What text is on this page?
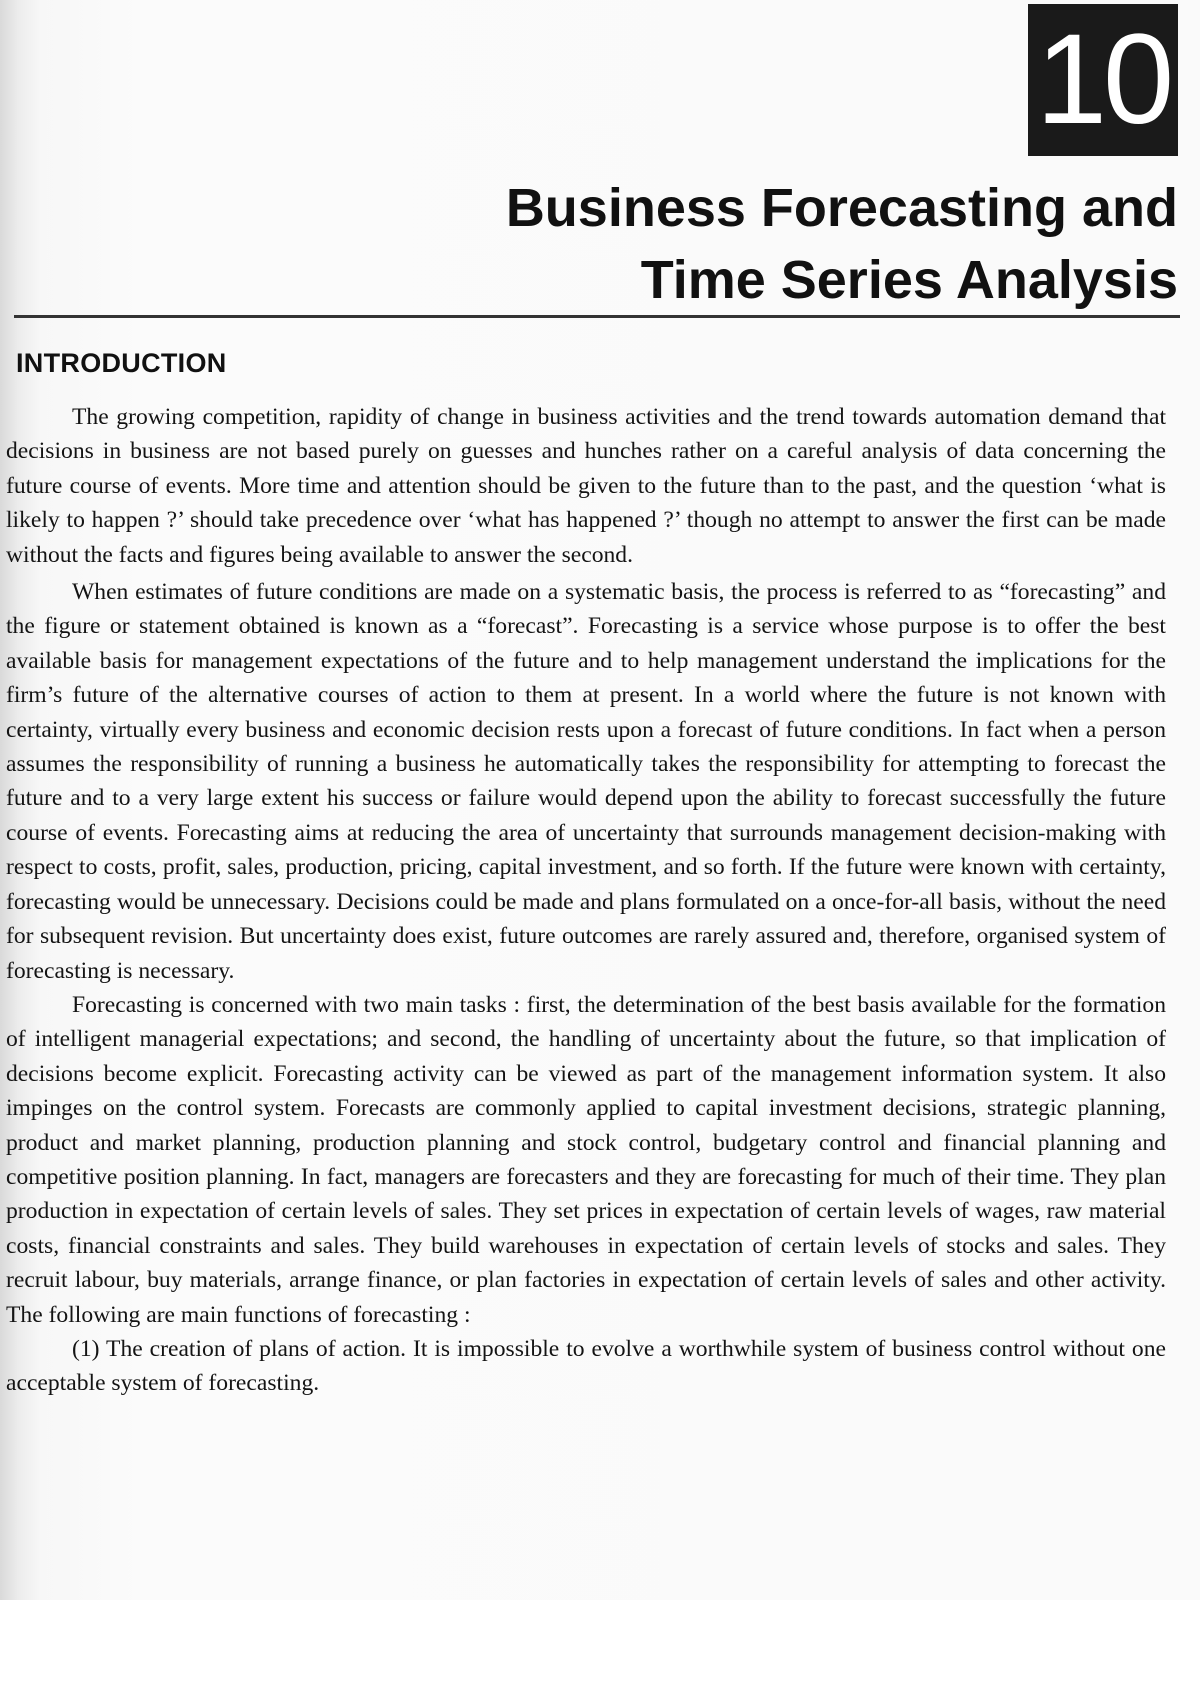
10
Business Forecasting and
Time Series Analysis
INTRODUCTION

The growing competition, rapidity of change in business activities and the trend towards automation demand that decisions in business are not based purely on guesses and hunches rather on a careful analysis of data concerning the future course of events. More time and attention should be given to the future than to the past, and the question ‘what is likely to happen ?’ should take precedence over ‘what has happened ?’ though no attempt to answer the first can be made without the facts and figures being available to answer the second.

When estimates of future conditions are made on a systematic basis, the process is referred to as “forecasting” and the figure or statement obtained is known as a “forecast”. Forecasting is a service whose purpose is to offer the best available basis for management expectations of the future and to help management understand the implications for the firm’s future of the alternative courses of action to them at present. In a world where the future is not known with certainty, virtually every business and economic decision rests upon a forecast of future conditions. In fact when a person assumes the responsibility of running a business he automatically takes the responsibility for attempting to forecast the future and to a very large extent his success or failure would depend upon the ability to forecast successfully the future course of events. Forecasting aims at reducing the area of uncertainty that surrounds management decision-making with respect to costs, profit, sales, production, pricing, capital investment, and so forth. If the future were known with certainty, forecasting would be unnecessary. Decisions could be made and plans formulated on a once-for-all basis, without the need for subsequent revision. But uncertainty does exist, future outcomes are rarely assured and, therefore, organised system of forecasting is necessary.

Forecasting is concerned with two main tasks : first, the determination of the best basis available for the formation of intelligent managerial expectations; and second, the handling of uncertainty about the future, so that implication of decisions become explicit. Forecasting activity can be viewed as part of the management information system. It also impinges on the control system. Forecasts are commonly applied to capital investment decisions, strategic planning, product and market planning, production planning and stock control, budgetary control and financial planning and competitive position planning. In fact, managers are forecasters and they are forecasting for much of their time. They plan production in expectation of certain levels of sales. They set prices in expectation of certain levels of wages, raw material costs, financial constraints and sales. They build warehouses in expectation of certain levels of stocks and sales. They recruit labour, buy materials, arrange finance, or plan factories in expectation of certain levels of sales and other activity. The following are main functions of forecasting :

(1) The creation of plans of action. It is impossible to evolve a worthwhile system of business control without one acceptable system of forecasting.
